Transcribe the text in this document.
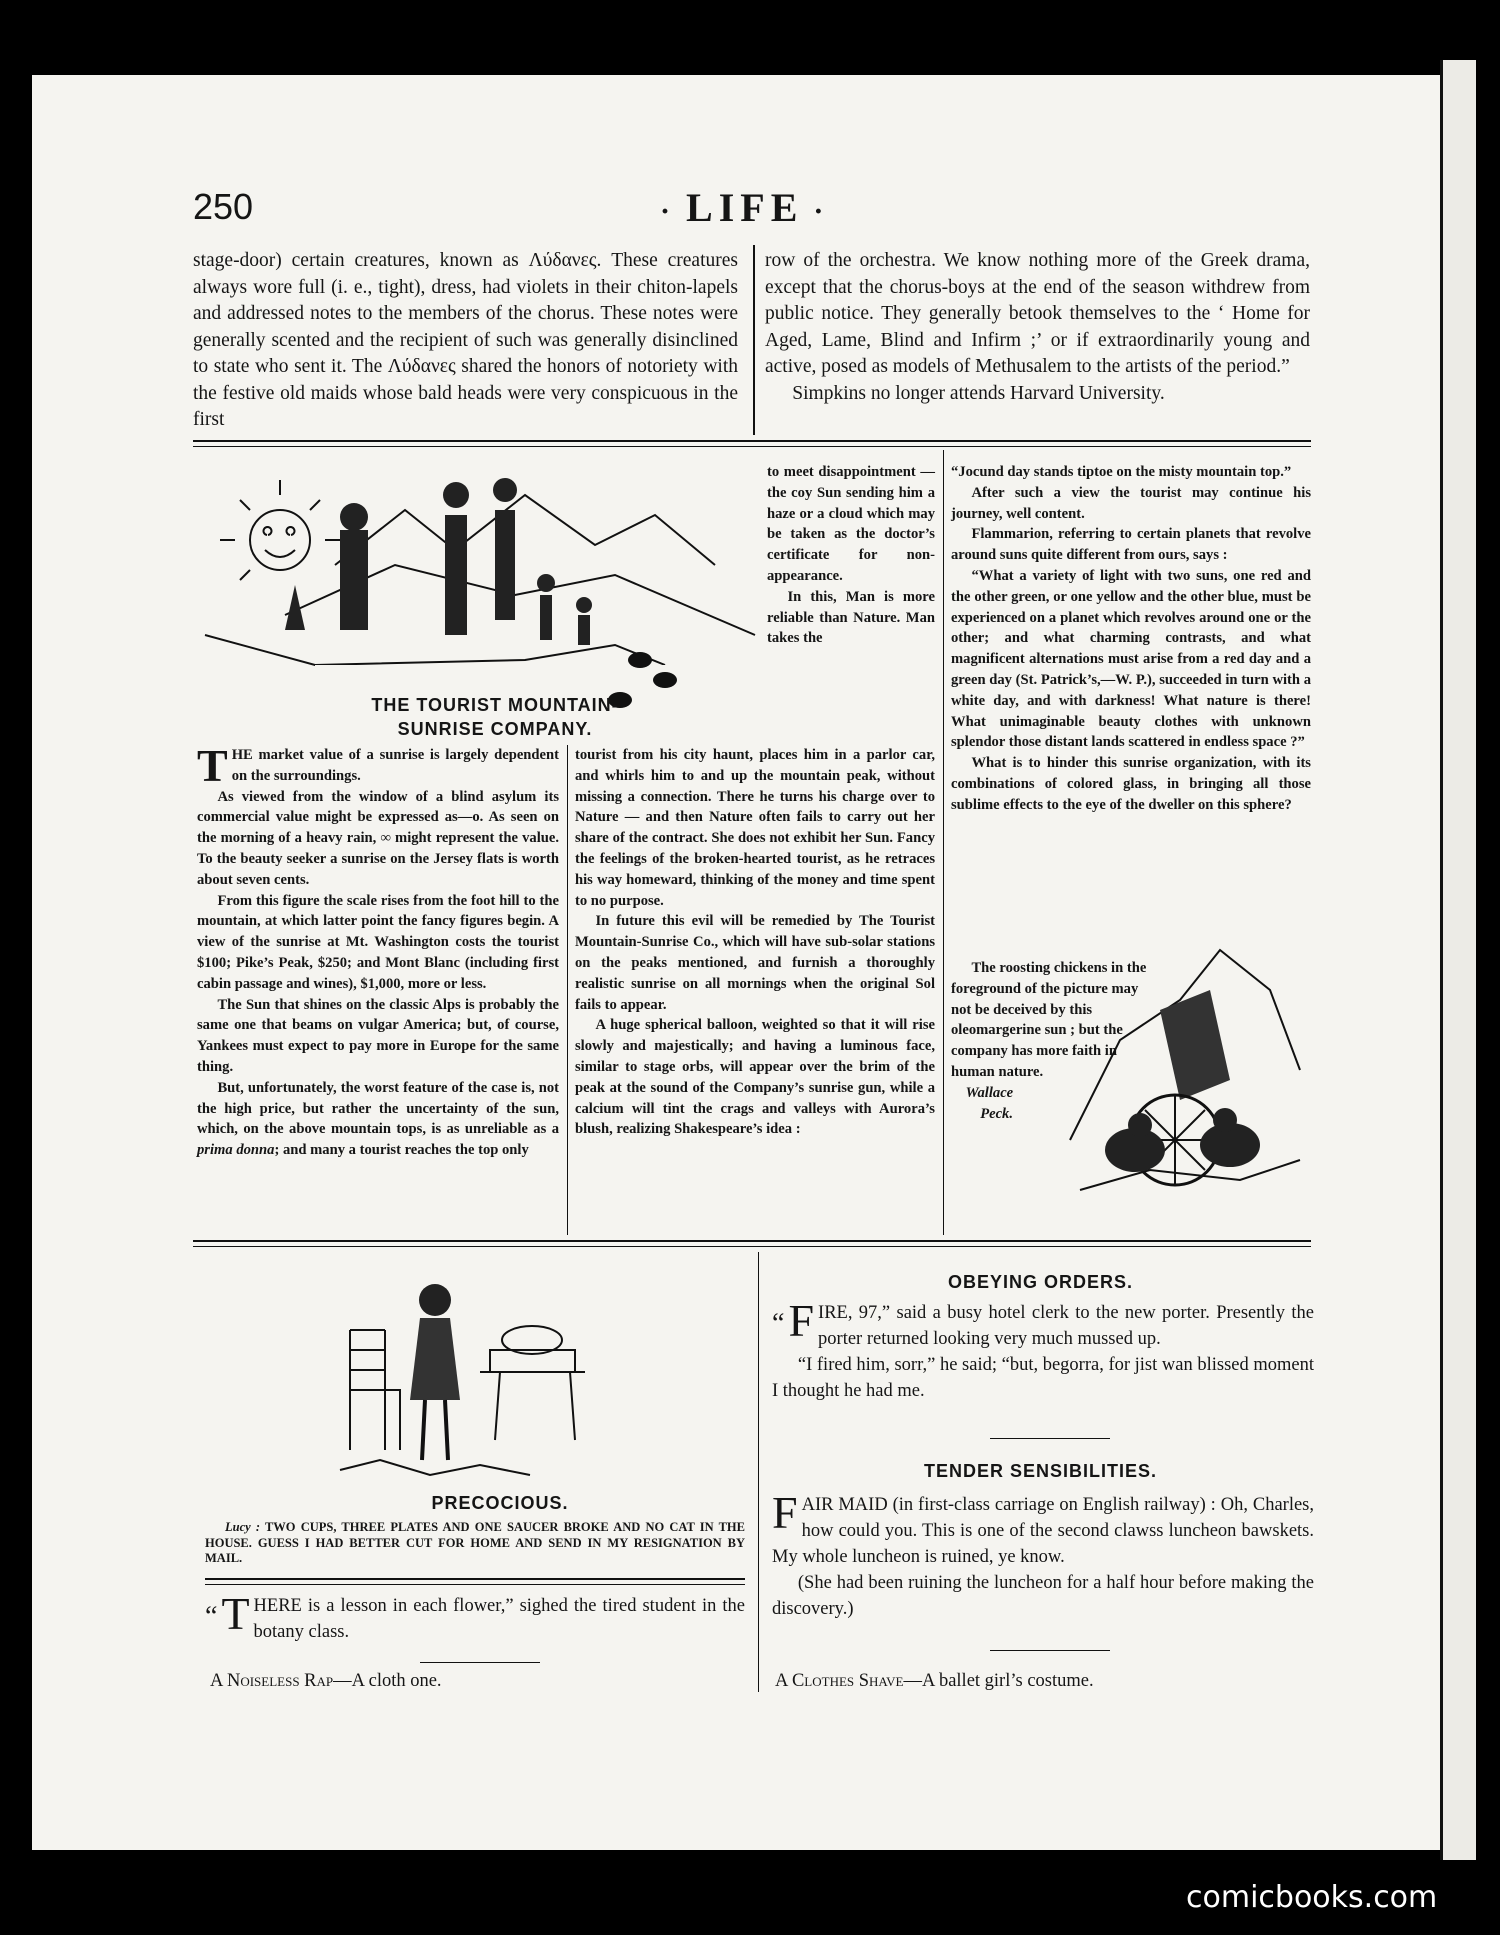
250	· LIFE ·

stage-door) certain creatures, known as Λύδανες. These creatures always wore full (i. e., tight), dress, had violets in their chiton-lapels and addressed notes to the members of the chorus. These notes were generally scented and the recipient of such was generally disinclined to state who sent it. The Λύδανες shared the honors of notoriety with the festive old maids whose bald heads were very conspicuous in the first

row of the orchestra. We know nothing more of the Greek drama, except that the chorus-boys at the end of the season withdrew from public notice. They generally betook themselves to the ‘ Home for Aged, Lame, Blind and Infirm ;’ or if extraordinarily young and active, posed as models of Methusalem to the artists of the period.”

Simpkins no longer attends Harvard University.

THE TOURIST MOUNTAIN-
SUNRISE COMPANY.

THE market value of a sunrise is largely dependent on the surroundings.

As viewed from the window of a blind asylum its commercial value might be expressed as—o. As seen on the morning of a heavy rain, ∞ might represent the value. To the beauty seeker a sunrise on the Jersey flats is worth about seven cents.

From this figure the scale rises from the foot hill to the mountain, at which latter point the fancy figures begin. A view of the sunrise at Mt. Washington costs the tourist $100; Pike’s Peak, $250; and Mont Blanc (including first cabin passage and wines), $1,000, more or less.

The Sun that shines on the classic Alps is probably the same one that beams on vulgar America; but, of course, Yankees must expect to pay more in Europe for the same thing.

But, unfortunately, the worst feature of the case is, not the high price, but rather the uncertainty of the sun, which, on the above mountain tops, is as unreliable as a prima donna; and many a tourist reaches the top only

to meet disappointment — the coy Sun sending him a haze or a cloud which may be taken as the doctor’s certificate for non-appearance.

In this, Man is more reliable than Nature. Man takes the

tourist from his city haunt, places him in a parlor car, and whirls him to and up the mountain peak, without missing a connection. There he turns his charge over to Nature — and then Nature often fails to carry out her share of the contract. She does not exhibit her Sun. Fancy the feelings of the broken-hearted tourist, as he retraces his way homeward, thinking of the money and time spent to no purpose.

In future this evil will be remedied by The Tourist Mountain-Sunrise Co., which will have sub-solar stations on the peaks mentioned, and furnish a thoroughly realistic sunrise on all mornings when the original Sol fails to appear.

A huge spherical balloon, weighted so that it will rise slowly and majestically; and having a luminous face, similar to stage orbs, will appear over the brim of the peak at the sound of the Company’s sunrise gun, while a calcium will tint the crags and valleys with Aurora’s blush, realizing Shakespeare’s idea :

“Jocund day stands tiptoe on the misty mountain top.”

After such a view the tourist may continue his journey, well content.

Flammarion, referring to certain planets that revolve around suns quite different from ours, says :

“What a variety of light with two suns, one red and the other green, or one yellow and the other blue, must be experienced on a planet which revolves around one or the other; and what charming contrasts, and what magnificent alternations must arise from a red day and a green day (St. Patrick’s,—W. P.), succeeded in turn with a white day, and with darkness! What nature is there! What unimaginable beauty clothes with unknown splendor those distant lands scattered in endless space ?”

What is to hinder this sunrise organization, with its combinations of colored glass, in bringing all those sublime effects to the eye of the dweller on this sphere?

The roosting chickens in the foreground of the picture may not be deceived by this oleomargerine sun ; but the company has more faith in human nature.

Wallace

Peck.

PRECOCIOUS.

Lucy : TWO CUPS, THREE PLATES AND ONE SAUCER BROKE AND NO CAT IN THE HOUSE. GUESS I HAD BETTER CUT FOR HOME AND SEND IN MY RESIGNATION BY MAIL.

“ T HERE is a lesson in each flower,” sighed the tired student in the botany class.

A Noiseless Rap—A cloth one.

OBEYING ORDERS.

“ F IRE, 97,” said a busy hotel clerk to the new porter. Presently the porter returned looking very much mussed up.

“I fired him, sorr,” he said; “but, begorra, for jist wan blissed moment I thought he had me.

TENDER SENSIBILITIES.

FAIR MAID (in first-class carriage on English railway) : Oh, Charles, how could you. This is one of the second clawss luncheon bawskets. My whole luncheon is ruined, ye know.

(She had been ruining the luncheon for a half hour before making the discovery.)

A Clothes Shave—A ballet girl’s costume.

comicbooks.com
